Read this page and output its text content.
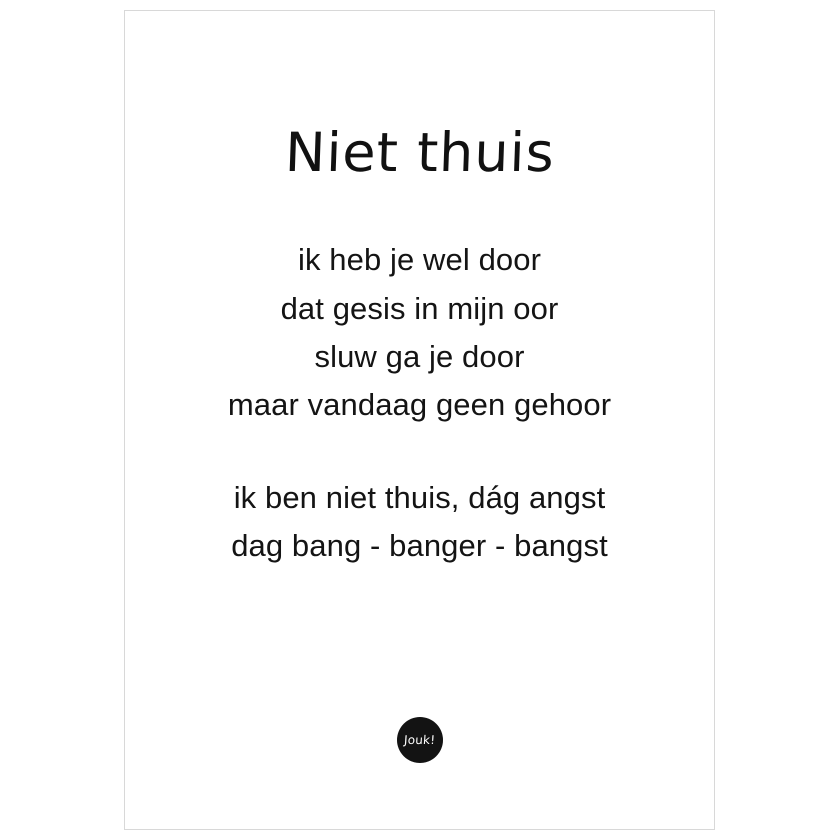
Niet thuis
ik heb je wel door
dat gesis in mijn oor
sluw ga je door
maar vandaag geen gehoor
ik ben niet thuis, dág angst
dag bang - banger - bangst
Jouk!
